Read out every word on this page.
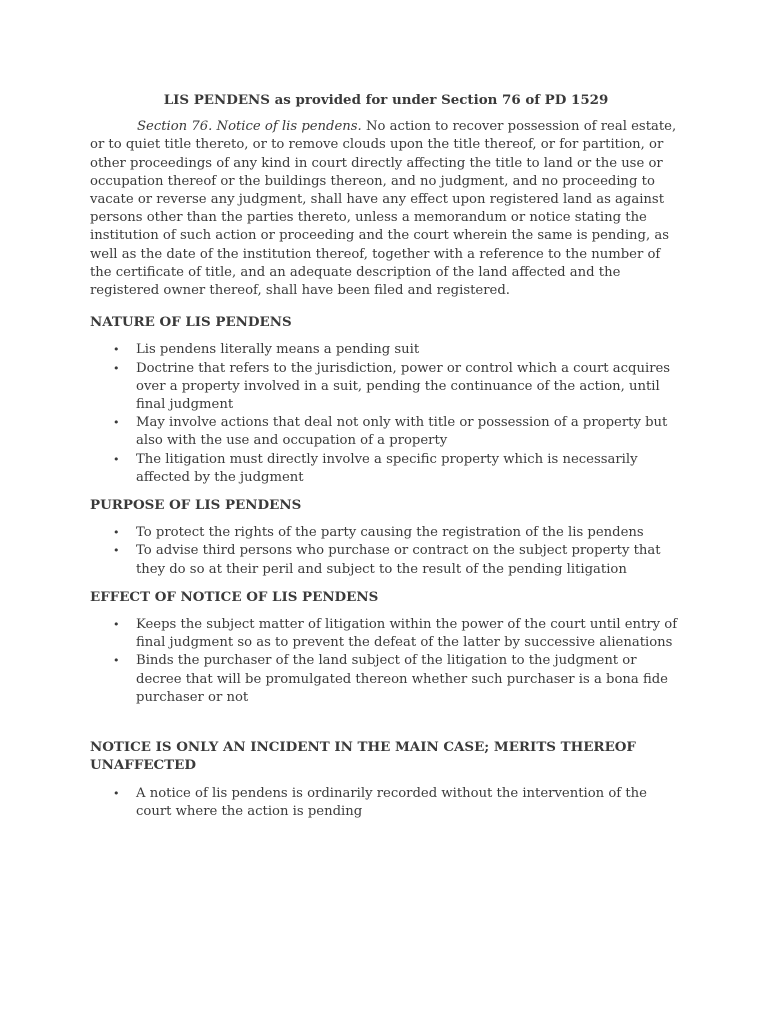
LIS PENDENS as provided for under Section 76 of PD 1529

Section 76. Notice of lis pendens. No action to recover possession of real estate, or to quiet title thereto, or to remove clouds upon the title thereof, or for partition, or other proceedings of any kind in court directly affecting the title to land or the use or occupation thereof or the buildings thereon, and no judgment, and no proceeding to vacate or reverse any judgment, shall have any effect upon registered land as against persons other than the parties thereto, unless a memorandum or notice stating the institution of such action or proceeding and the court wherein the same is pending, as well as the date of the institution thereof, together with a reference to the number of the certificate of title, and an adequate description of the land affected and the registered owner thereof, shall have been filed and registered.

NATURE OF LIS PENDENS
• Lis pendens literally means a pending suit
• Doctrine that refers to the jurisdiction, power or control which a court acquires over a property involved in a suit, pending the continuance of the action, until final judgment
• May involve actions that deal not only with title or possession of a property but also with the use and occupation of a property
• The litigation must directly involve a specific property which is necessarily affected by the judgment
PURPOSE OF LIS PENDENS
• To protect the rights of the party causing the registration of the lis pendens
• To advise third persons who purchase or contract on the subject property that they do so at their peril and subject to the result of the pending litigation
EFFECT OF NOTICE OF LIS PENDENS
• Keeps the subject matter of litigation within the power of the court until entry of final judgment so as to prevent the defeat of the latter by successive alienations
• Binds the purchaser of the land subject of the litigation to the judgment or decree that will be promulgated thereon whether such purchaser is a bona fide purchaser or not
NOTICE IS ONLY AN INCIDENT IN THE MAIN CASE; MERITS THEREOF UNAFFECTED
• A notice of lis pendens is ordinarily recorded without the intervention of the court where the action is pending
